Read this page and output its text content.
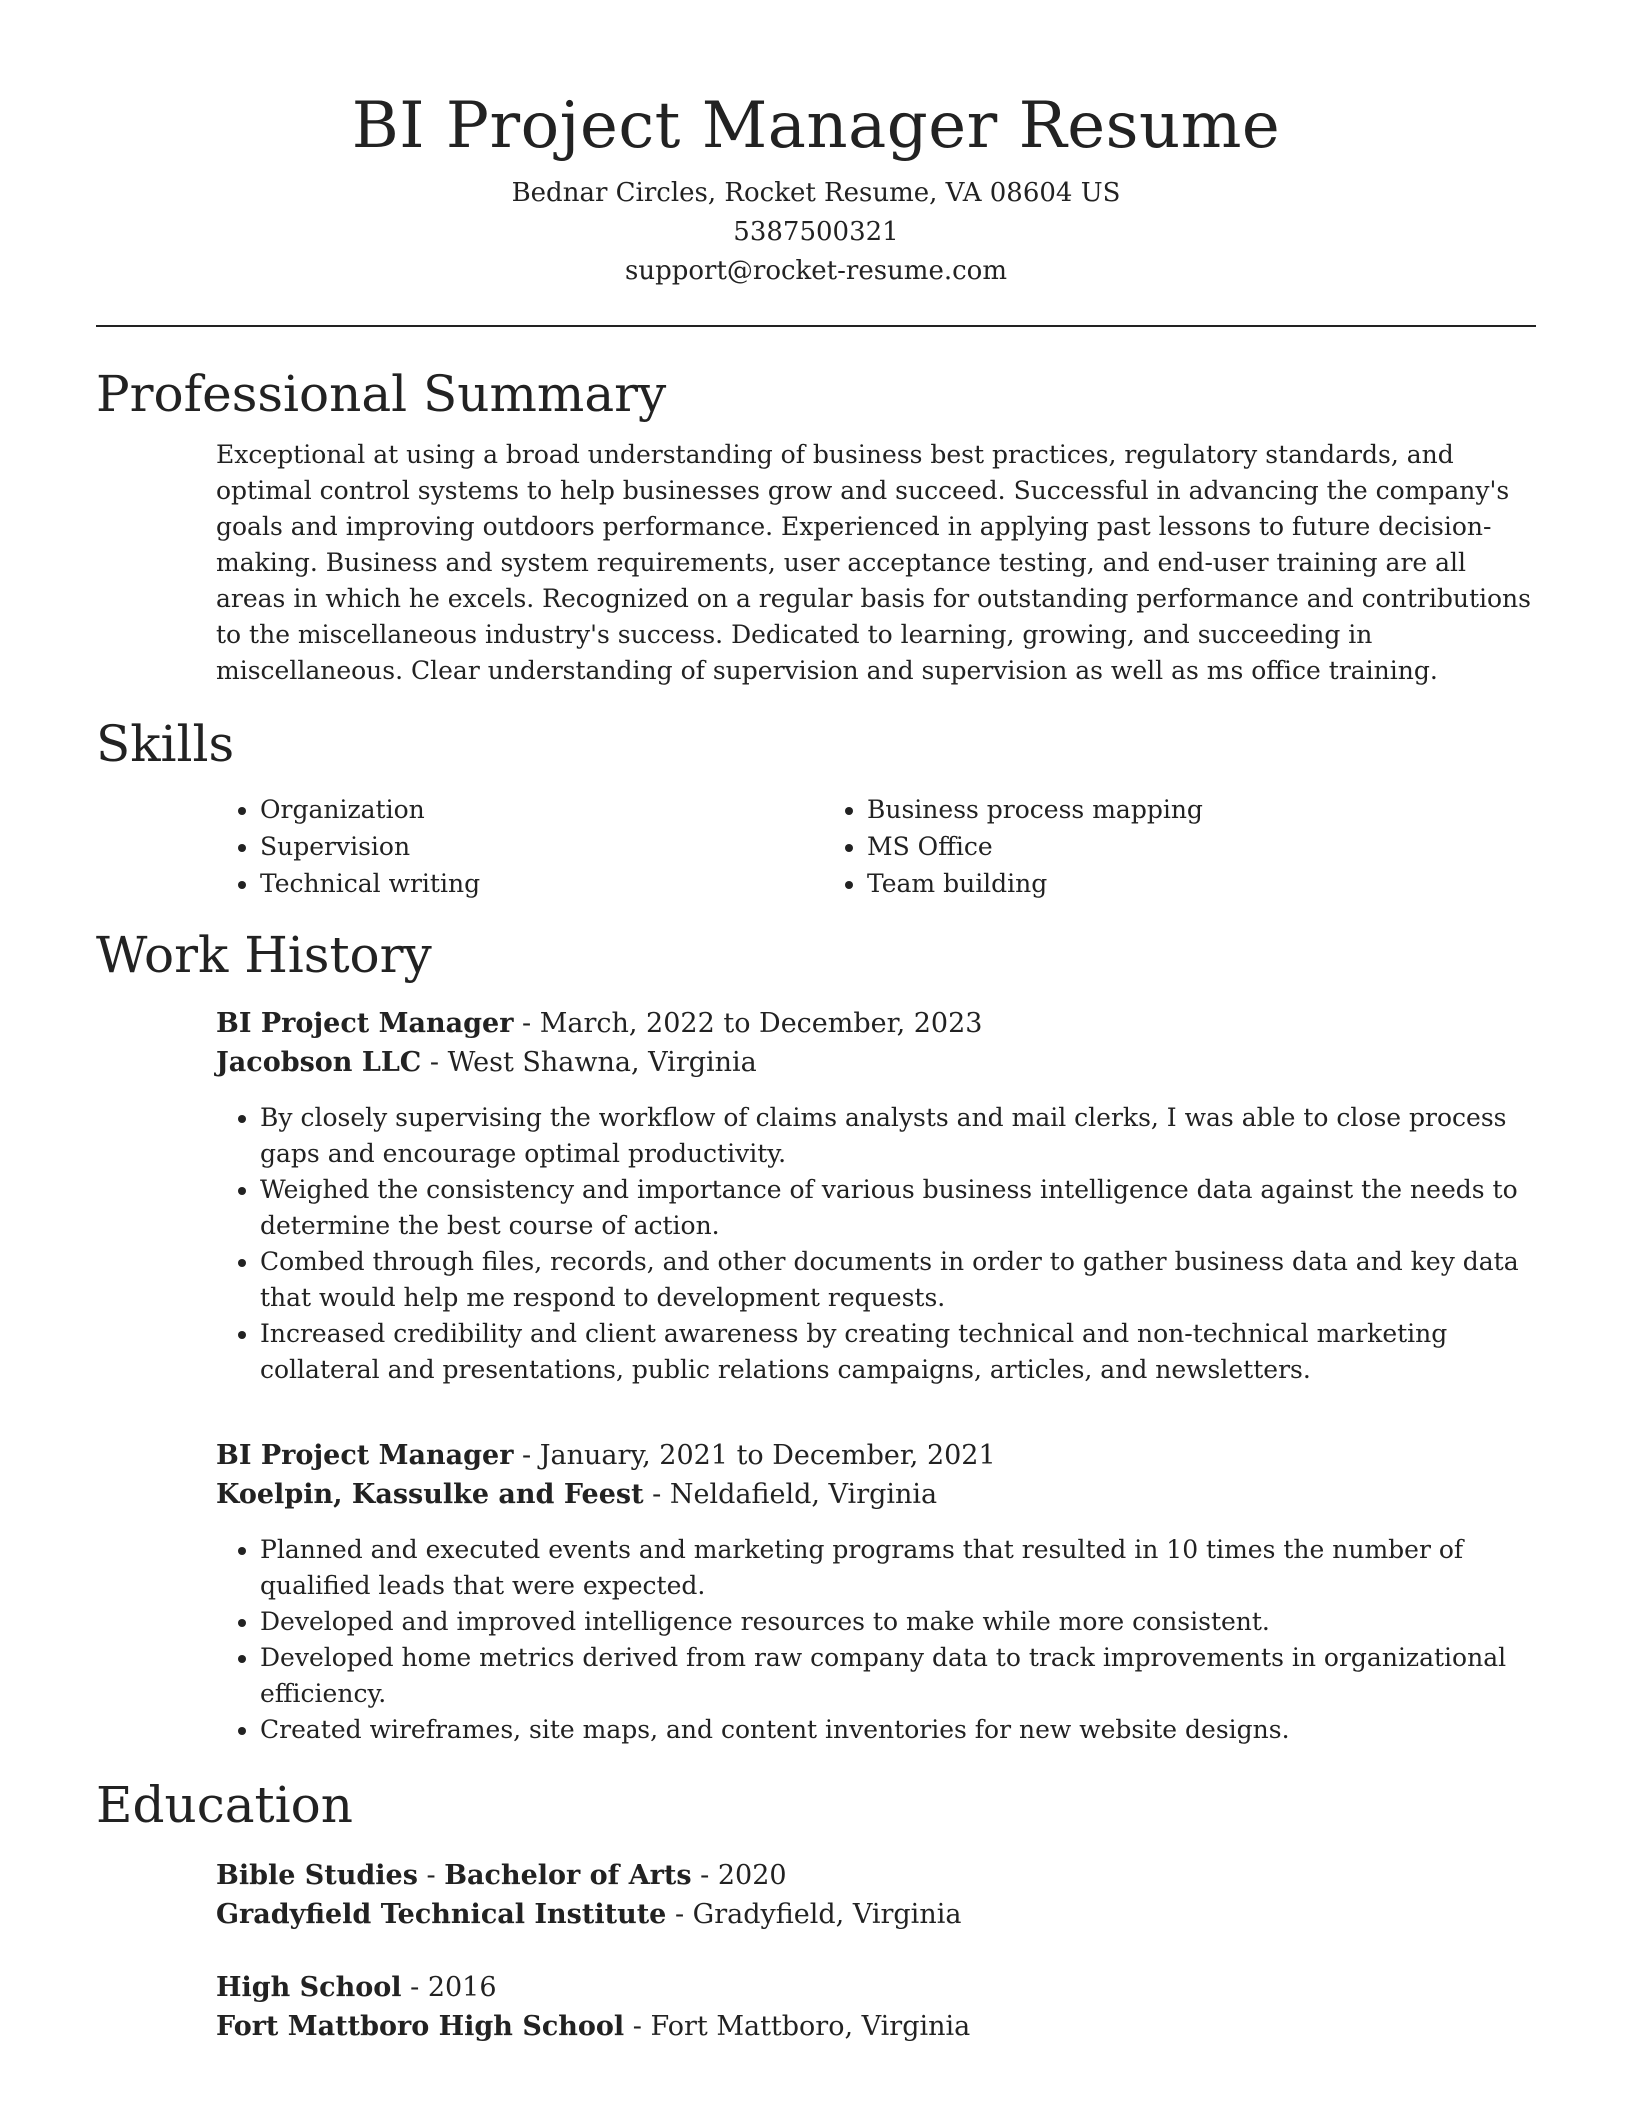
BI Project Manager Resume
Bednar Circles, Rocket Resume, VA 08604 US
5387500321
support@rocket-resume.com
Professional Summary
Exceptional at using a broad understanding of business best practices, regulatory standards, and optimal control systems to help businesses grow and succeed. Successful in advancing the company's goals and improving outdoors performance. Experienced in applying past lessons to future decision-making. Business and system requirements, user acceptance testing, and end-user training are all areas in which he excels. Recognized on a regular basis for outstanding performance and contributions to the miscellaneous industry's success. Dedicated to learning, growing, and succeeding in miscellaneous. Clear understanding of supervision and supervision as well as ms office training.
Skills
• Organization
• Supervision
• Technical writing
• Business process mapping
• MS Office
• Team building
Work History
BI Project Manager - March, 2022 to December, 2023
Jacobson LLC - West Shawna, Virginia
• By closely supervising the workflow of claims analysts and mail clerks, I was able to close process gaps and encourage optimal productivity.
• Weighed the consistency and importance of various business intelligence data against the needs to determine the best course of action.
• Combed through files, records, and other documents in order to gather business data and key data that would help me respond to development requests.
• Increased credibility and client awareness by creating technical and non-technical marketing collateral and presentations, public relations campaigns, articles, and newsletters.
BI Project Manager - January, 2021 to December, 2021
Koelpin, Kassulke and Feest - Neldafield, Virginia
• Planned and executed events and marketing programs that resulted in 10 times the number of qualified leads that were expected.
• Developed and improved intelligence resources to make while more consistent.
• Developed home metrics derived from raw company data to track improvements in organizational efficiency.
• Created wireframes, site maps, and content inventories for new website designs.
Education
Bible Studies - Bachelor of Arts - 2020
Gradyfield Technical Institute - Gradyfield, Virginia
High School - 2016
Fort Mattboro High School - Fort Mattboro, Virginia
